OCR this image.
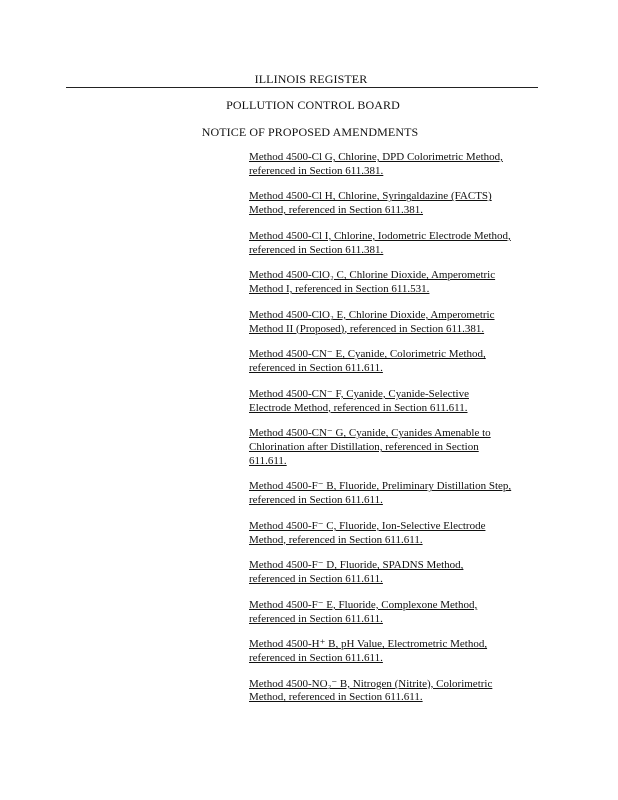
ILLINOIS REGISTER
POLLUTION CONTROL BOARD
NOTICE OF PROPOSED AMENDMENTS

Method 4500-Cl G, Chlorine, DPD Colorimetric Method,
referenced in Section 611.381.

Method 4500-Cl H, Chlorine, Syringaldazine (FACTS)
Method, referenced in Section 611.381.

Method 4500-Cl I, Chlorine, Iodometric Electrode Method,
referenced in Section 611.381.

Method 4500-ClO₂ C, Chlorine Dioxide, Amperometric
Method I, referenced in Section 611.531.

Method 4500-ClO₂ E, Chlorine Dioxide, Amperometric
Method II (Proposed), referenced in Section 611.381.

Method 4500-CN⁻ E, Cyanide, Colorimetric Method,
referenced in Section 611.611.

Method 4500-CN⁻ F, Cyanide, Cyanide-Selective
Electrode Method, referenced in Section 611.611.

Method 4500-CN⁻ G, Cyanide, Cyanides Amenable to
Chlorination after Distillation, referenced in Section
611.611.

Method 4500-F⁻ B, Fluoride, Preliminary Distillation Step,
referenced in Section 611.611.

Method 4500-F⁻ C, Fluoride, Ion-Selective Electrode
Method, referenced in Section 611.611.

Method 4500-F⁻ D, Fluoride, SPADNS Method,
referenced in Section 611.611.

Method 4500-F⁻ E, Fluoride, Complexone Method,
referenced in Section 611.611.

Method 4500-H⁺ B, pH Value, Electrometric Method,
referenced in Section 611.611.

Method 4500-NO₂⁻ B, Nitrogen (Nitrite), Colorimetric
Method, referenced in Section 611.611.
